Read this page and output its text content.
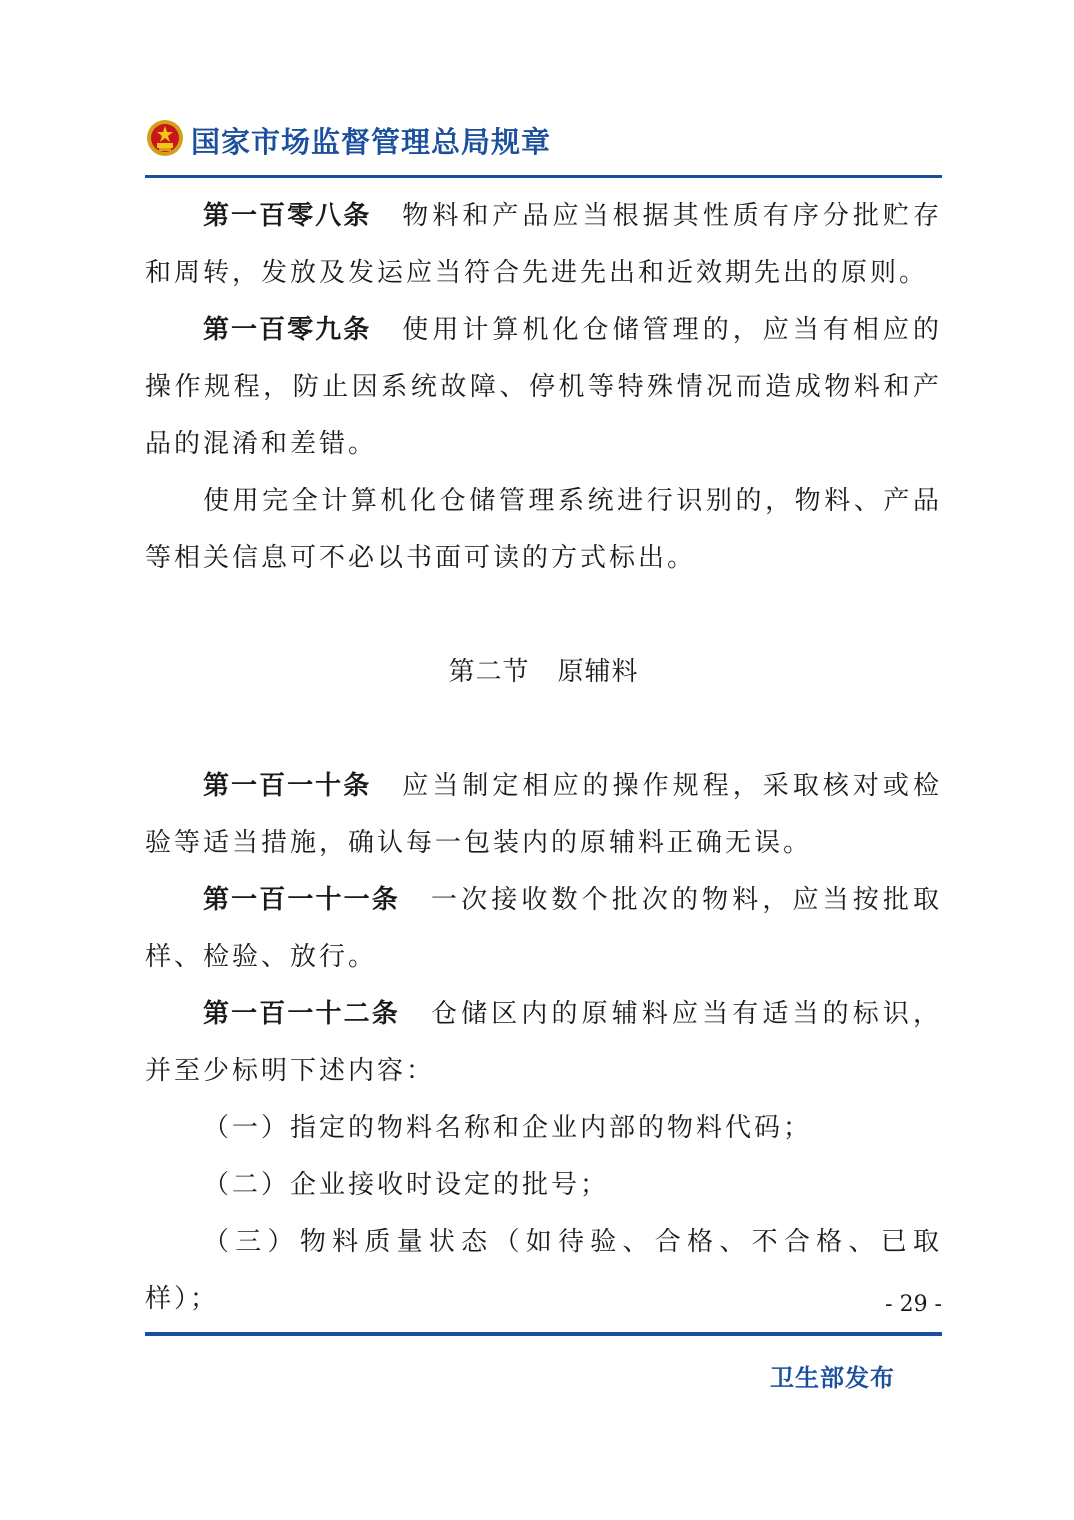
国家市场监督管理总局规章

第一百零八条 物料和产品应当根据其性质有序分批贮存和周转，发放及发运应当符合先进先出和近效期先出的原则。

第一百零九条 使用计算机化仓储管理的，应当有相应的操作规程，防止因系统故障、停机等特殊情况而造成物料和产品的混淆和差错。

使用完全计算机化仓储管理系统进行识别的，物料、产品等相关信息可不必以书面可读的方式标出。

第二节 原辅料

第一百一十条 应当制定相应的操作规程，采取核对或检验等适当措施，确认每一包装内的原辅料正确无误。

第一百一十一条 一次接收数个批次的物料，应当按批取样、检验、放行。

第一百一十二条 仓储区内的原辅料应当有适当的标识，并至少标明下述内容：

（一）指定的物料名称和企业内部的物料代码；

（二）企业接收时设定的批号；

（三）物料质量状态（如待验、合格、不合格、已取样）；	- 29 -
卫生部发布
